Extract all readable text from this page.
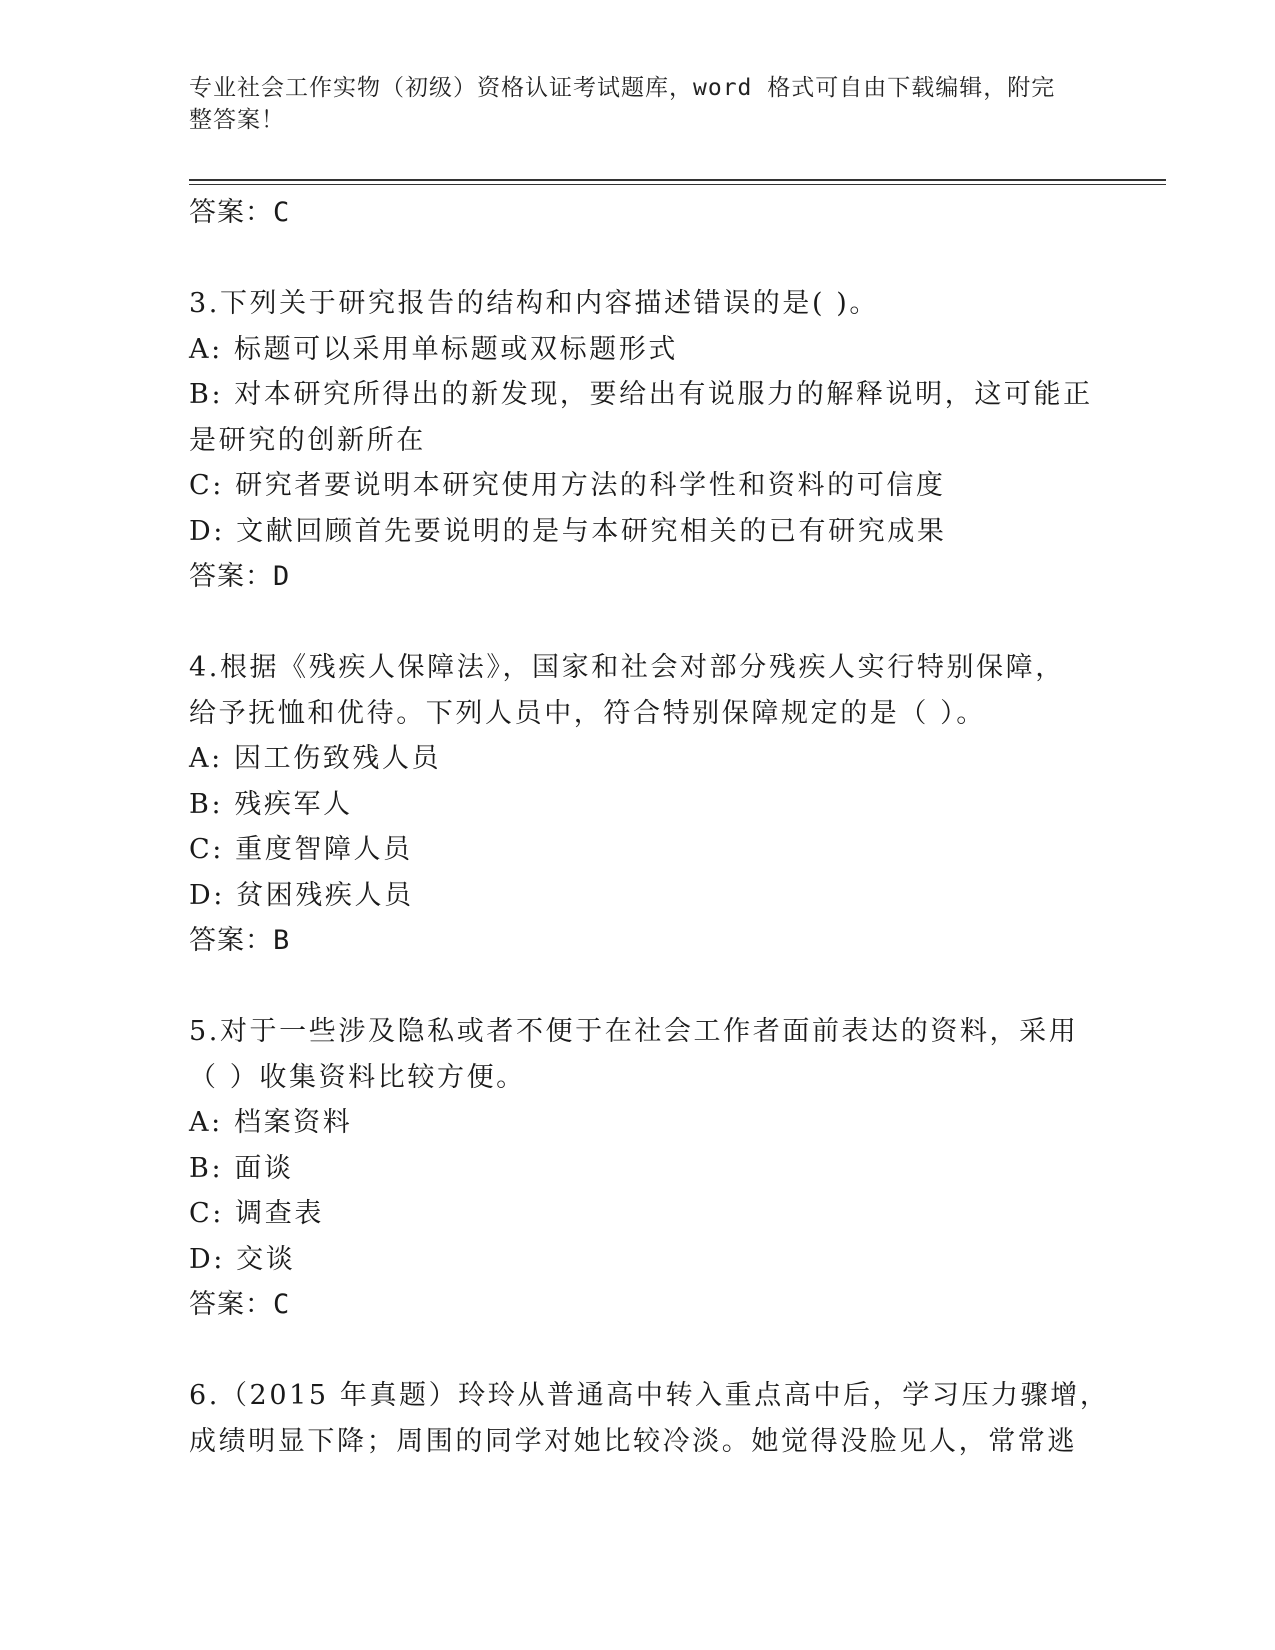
专业社会工作实物（初级）资格认证考试题库，word 格式可自由下载编辑，附完
整答案！
答案：C
3.下列关于研究报告的结构和内容描述错误的是( )。
A: 标题可以采用单标题或双标题形式
B: 对本研究所得出的新发现，要给出有说服力的解释说明，这可能正
是研究的创新所在
C: 研究者要说明本研究使用方法的科学性和资料的可信度
D: 文献回顾首先要说明的是与本研究相关的已有研究成果
答案：D
4.根据《残疾人保障法》，国家和社会对部分残疾人实行特别保障，
给予抚恤和优待。下列人员中，符合特别保障规定的是（ ）。
A: 因工伤致残人员
B: 残疾军人
C: 重度智障人员
D: 贫困残疾人员
答案：B
5.对于一些涉及隐私或者不便于在社会工作者面前表达的资料，采用
（ ）收集资料比较方便。
A: 档案资料
B: 面谈
C: 调查表
D: 交谈
答案：C
6.（2015 年真题）玲玲从普通高中转入重点高中后，学习压力骤增，
成绩明显下降；周围的同学对她比较冷淡。她觉得没脸见人，常常逃
